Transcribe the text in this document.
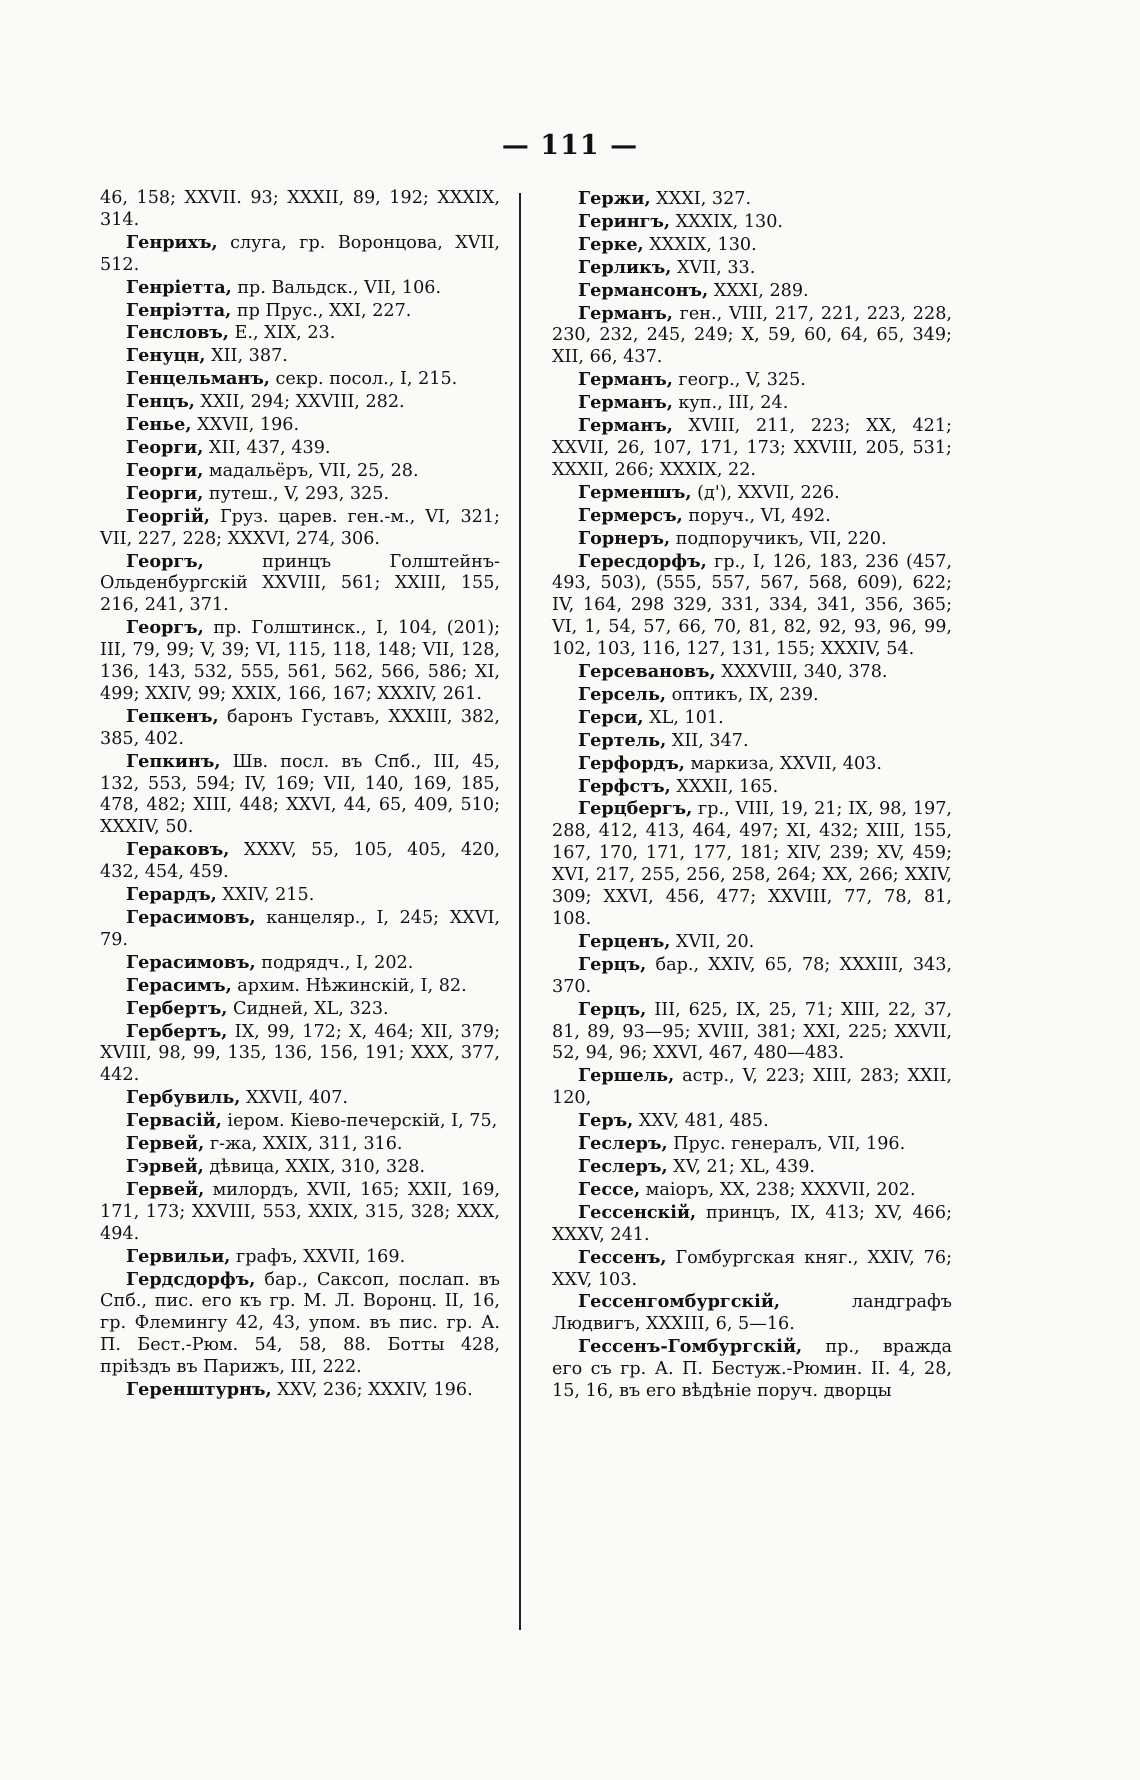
— 111 —

46, 158; XXVII. 93; XXXII, 89, 192; XXXIX, 314.

Генрихъ, слуга, гр. Воронцова, XVII, 512.

Генріетта, пр. Вальдск., VII, 106.

Генріэтта, пр Прус., XXI, 227.

Генсловъ, Е., XIX, 23.

Генуцн, XII, 387.

Генцельманъ, секр. посол., I, 215.

Генцъ, XXII, 294; XXVIII, 282.

Генье, XXVII, 196.

Георги, XII, 437, 439.

Георги, мадальёръ, VII, 25, 28.

Георги, путеш., V, 293, 325.

Георгій, Груз. царев. ген.-м., VI, 321; VII, 227, 228; XXXVI, 274, 306.

Георгъ, принцъ Голштейнъ-Ольденбургскій XXVIII, 561; XXIII, 155, 216, 241, 371.

Георгъ, пр. Голштинск., I, 104, (201); III, 79, 99; V, 39; VI, 115, 118, 148; VII, 128, 136, 143, 532, 555, 561, 562, 566, 586; XI, 499; XXIV, 99; XXIX, 166, 167; XXXIV, 261.

Гепкенъ, баронъ Густавъ, XXXIII, 382, 385, 402.

Гепкинъ, Шв. посл. въ Спб., III, 45, 132, 553, 594; IV, 169; VII, 140, 169, 185, 478, 482; XIII, 448; XXVI, 44, 65, 409, 510; XXXIV, 50.

Гераковъ, XXXV, 55, 105, 405, 420, 432, 454, 459.

Герардъ, XXIV, 215.

Герасимовъ, канцеляр., I, 245; XXVI, 79.

Герасимовъ, подрядч., I, 202.

Герасимъ, архим. Нѣжинскій, I, 82.

Гербертъ, Сидней, XL, 323.

Гербертъ, IX, 99, 172; X, 464; XII, 379; XVIII, 98, 99, 135, 136, 156, 191; XXX, 377, 442.

Гербувиль, XXVII, 407.

Гервасій, іером. Кіево-печерскій, I, 75,

Гервей, г-жа, XXIX, 311, 316.

Гэрвей, дѣвица, XXIX, 310, 328.

Гервей, милордъ, XVII, 165; XXII, 169, 171, 173; XXVIII, 553, XXIX, 315, 328; XXX, 494.

Гервильи, графъ, XXVII, 169.

Гердсдорфъ, бар., Саксоп, послап. въ Спб., пис. его къ гр. М. Л. Воронц. II, 16, гр. Флемингу 42, 43, упом. въ пис. гр. А. П. Бест.-Рюм. 54, 58, 88. Ботты 428, пріѣздъ въ Парижъ, III, 222.

Геренштурнъ, XXV, 236; XXXIV, 196.

Гержи, XXXI, 327.

Герингъ, XXXIX, 130.

Герке, XXXIX, 130.

Герликъ, XVII, 33.

Германсонъ, XXXI, 289.

Германъ, ген., VIII, 217, 221, 223, 228, 230, 232, 245, 249; X, 59, 60, 64, 65, 349; XII, 66, 437.

Германъ, геогр., V, 325.

Германъ, куп., III, 24.

Германъ, XVIII, 211, 223; XX, 421; XXVII, 26, 107, 171, 173; XXVIII, 205, 531; XXXII, 266; XXXIX, 22.

Герменшъ, (д'), XXVII, 226.

Гермерсъ, поруч., VI, 492.

Горнеръ, подпоручикъ, VII, 220.

Гересдорфъ, гр., I, 126, 183, 236 (457, 493, 503), (555, 557, 567, 568, 609), 622; IV, 164, 298 329, 331, 334, 341, 356, 365; VI, 1, 54, 57, 66, 70, 81, 82, 92, 93, 96, 99, 102, 103, 116, 127, 131, 155; XXXIV, 54.

Герсевановъ, XXXVIII, 340, 378.

Герсель, оптикъ, IX, 239.

Герси, XL, 101.

Гертель, XII, 347.

Герфордъ, маркиза, XXVII, 403.

Герфстъ, XXXII, 165.

Герцбергъ, гр., VIII, 19, 21; IX, 98, 197, 288, 412, 413, 464, 497; XI, 432; XIII, 155, 167, 170, 171, 177, 181; XIV, 239; XV, 459; XVI, 217, 255, 256, 258, 264; XX, 266; XXIV, 309; XXVI, 456, 477; XXVIII, 77, 78, 81, 108.

Герценъ, XVII, 20.

Герцъ, бар., XXIV, 65, 78; XXXIII, 343, 370.

Герцъ, III, 625, IX, 25, 71; XIII, 22, 37, 81, 89, 93—95; XVIII, 381; XXI, 225; XXVII, 52, 94, 96; XXVI, 467, 480—483.

Гершель, астр., V, 223; XIII, 283; XXII, 120,

Геръ, XXV, 481, 485.

Геслеръ, Прус. генералъ, VII, 196.

Геслеръ, XV, 21; XL, 439.

Гессе, маіоръ, XX, 238; XXXVII, 202.

Гессенскій, принцъ, IX, 413; XV, 466; XXXV, 241.

Гессенъ, Гомбургская княг., XXIV, 76; XXV, 103.

Гессенгомбургскій, ландграфъ Людвигъ, XXXIII, 6, 5—16.

Гессенъ-Гомбургскій, пр., вражда его съ гр. А. П. Бестуж.-Рюмин. II. 4, 28, 15, 16, въ его вѣдѣніе поруч. дворцы
